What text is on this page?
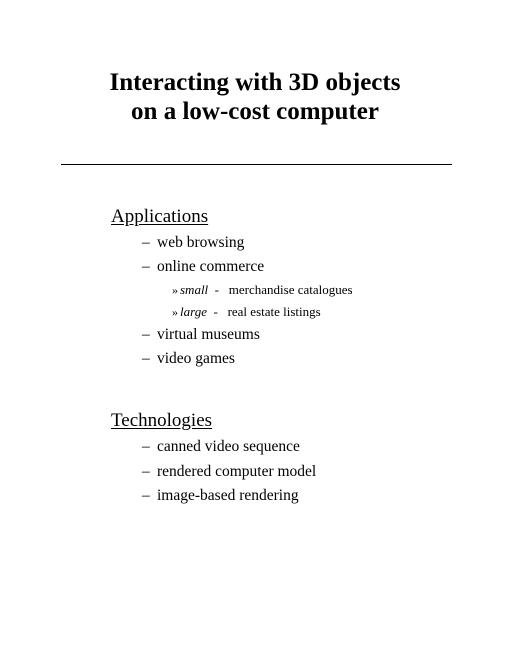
Interacting with 3D objects
on a low-cost computer
Applications
– web browsing
– online commerce
» small - merchandise catalogues
» large - real estate listings
– virtual museums
– video games
Technologies
– canned video sequence
– rendered computer model
– image-based rendering
